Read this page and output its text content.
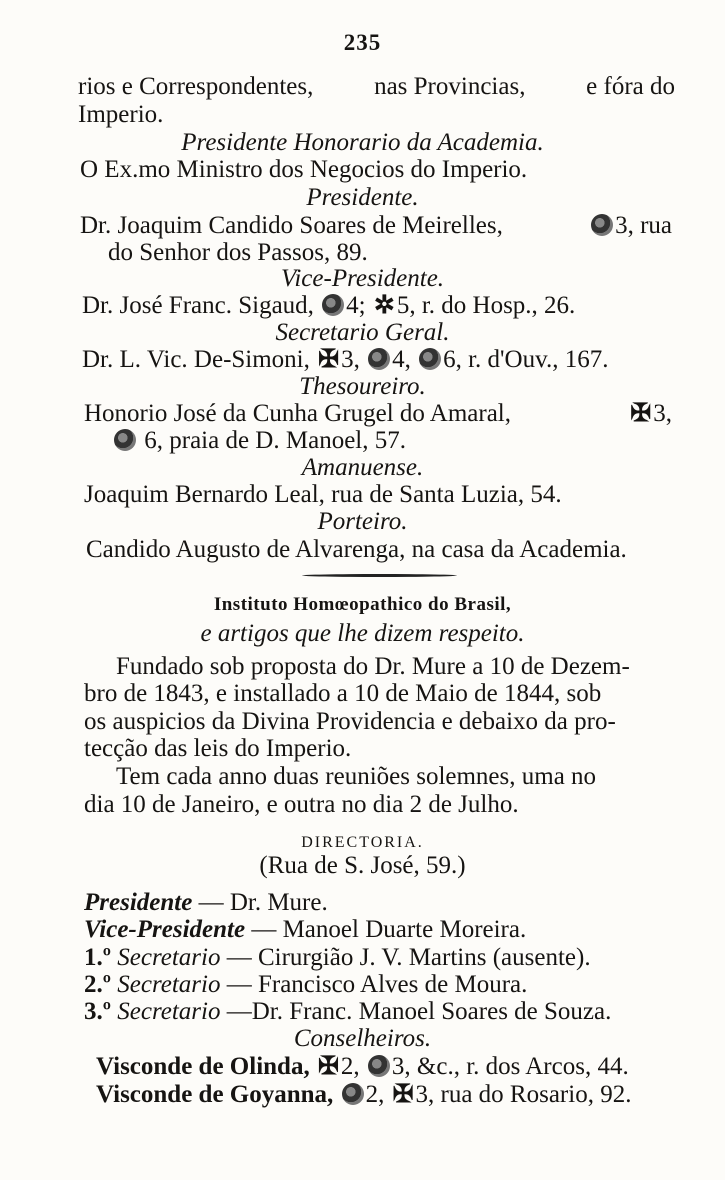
235
rios e Correspondentes, nas Provincias, e fóra do
Imperio.
Presidente Honorario da Academia.
O Ex.mo Ministro dos Negocios do Imperio.
Presidente.
Dr. Joaquim Candido Soares de Meirelles,	3, rua
do Senhor dos Passos, 89.
Vice-Presidente.
Dr. José Franc. Sigaud, 4; ✲5, r. do Hosp., 26.
Secretario Geral.
Dr. L. Vic. De-Simoni, ✠3, 4, 6, r. d'Ouv., 167.
Thesoureiro.
Honorio José da Cunha Grugel do Amaral,	✠3,
6, praia de D. Manoel, 57.
Amanuense.
Joaquim Bernardo Leal, rua de Santa Luzia, 54.
Porteiro.
Candido Augusto de Alvarenga, na casa da Academia.
Instituto Homœopathico do Brasil,
e artigos que lhe dizem respeito.
Fundado sob proposta do Dr. Mure a 10 de Dezem-
bro de 1843, e installado a 10 de Maio de 1844, sob
os auspicios da Divina Providencia e debaixo da pro-
tecção das leis do Imperio.
Tem cada anno duas reuniões solemnes, uma no
dia 10 de Janeiro, e outra no dia 2 de Julho.
DIRECTORIA.
(Rua de S. José, 59.)
Presidente — Dr. Mure.
Vice-Presidente — Manoel Duarte Moreira.
1.º Secretario — Cirurgião J. V. Martins (ausente).
2.º Secretario — Francisco Alves de Moura.
3.º Secretario —Dr. Franc. Manoel Soares de Souza.
Conselheiros.
Visconde de Olinda, ✠2, 3, &c., r. dos Arcos, 44.
Visconde de Goyanna, 2, ✠3, rua do Rosario, 92.
